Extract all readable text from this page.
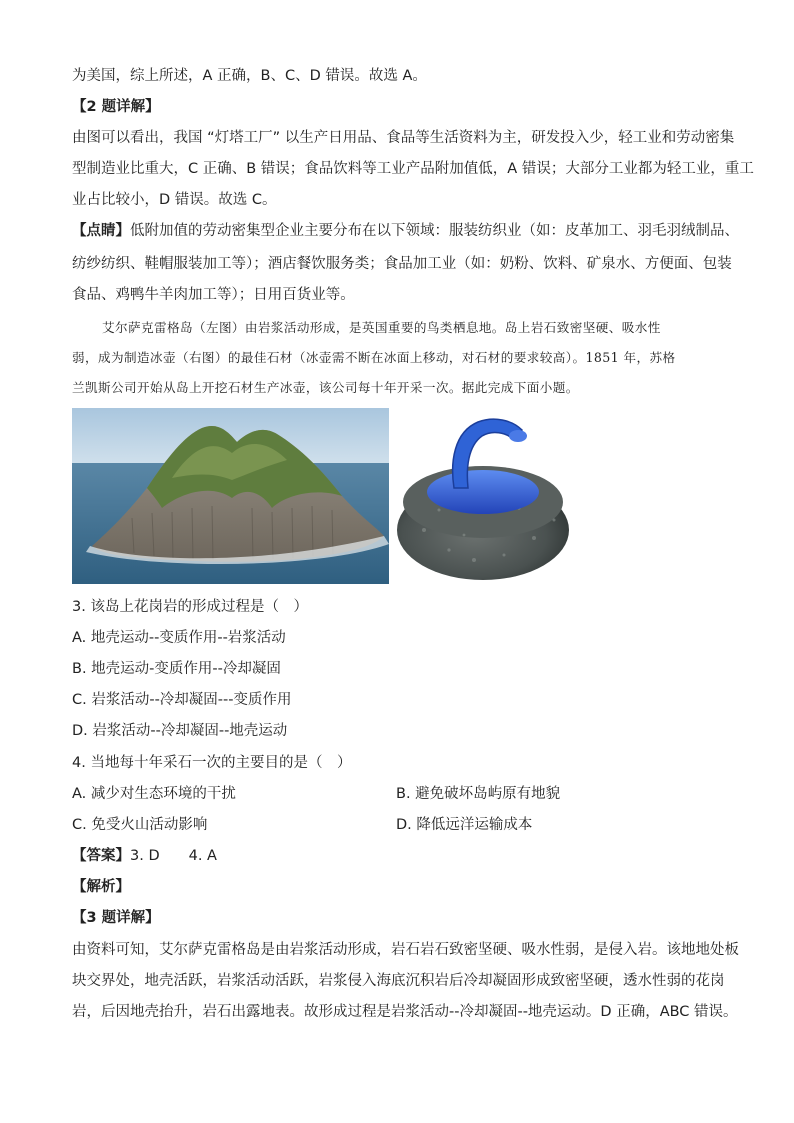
为美国，综上所述，A 正确，B、C、D 错误。故选 A。
【2 题详解】
由图可以看出，我国 “灯塔工厂” 以生产日用品、食品等生活资料为主，研发投入少，轻工业和劳动密集
型制造业比重大，C 正确、B 错误；食品饮料等工业产品附加值低，A 错误；大部分工业都为轻工业，重工
业占比较小，D 错误。故选 C。
【点睛】低附加值的劳动密集型企业主要分布在以下领域：服装纺织业（如：皮革加工、羽毛羽绒制品、
纺纱纺织、鞋帽服装加工等）；酒店餐饮服务类；食品加工业（如：奶粉、饮料、矿泉水、方便面、包装
食品、鸡鸭牛羊肉加工等）；日用百货业等。
艾尔萨克雷格岛（左图）由岩浆活动形成，是英国重要的鸟类栖息地。岛上岩石致密坚硬、吸水性
弱，成为制造冰壶（右图）的最佳石材（冰壶需不断在冰面上移动，对石材的要求较高）。1851 年，苏格
兰凯斯公司开始从岛上开挖石材生产冰壶，该公司每十年开采一次。据此完成下面小题。
3. 该岛上花岗岩的形成过程是（　）
A. 地壳运动--变质作用--岩浆活动
B. 地壳运动-变质作用--冷却凝固
C. 岩浆活动--冷却凝固---变质作用
D. 岩浆活动--冷却凝固--地壳运动
4. 当地每十年采石一次的主要目的是（　）
A. 减少对生态环境的干扰	B. 避免破坏岛屿原有地貌
C. 免受火山活动影响	D. 降低远洋运输成本
【答案】3. D　　4. A
【解析】
【3 题详解】
由资料可知，艾尔萨克雷格岛是由岩浆活动形成，岩石岩石致密坚硬、吸水性弱，是侵入岩。该地地处板
块交界处，地壳活跃，岩浆活动活跃，岩浆侵入海底沉积岩后冷却凝固形成致密坚硬，透水性弱的花岗
岩，后因地壳抬升，岩石出露地表。故形成过程是岩浆活动--冷却凝固--地壳运动。D 正确，ABC 错误。
